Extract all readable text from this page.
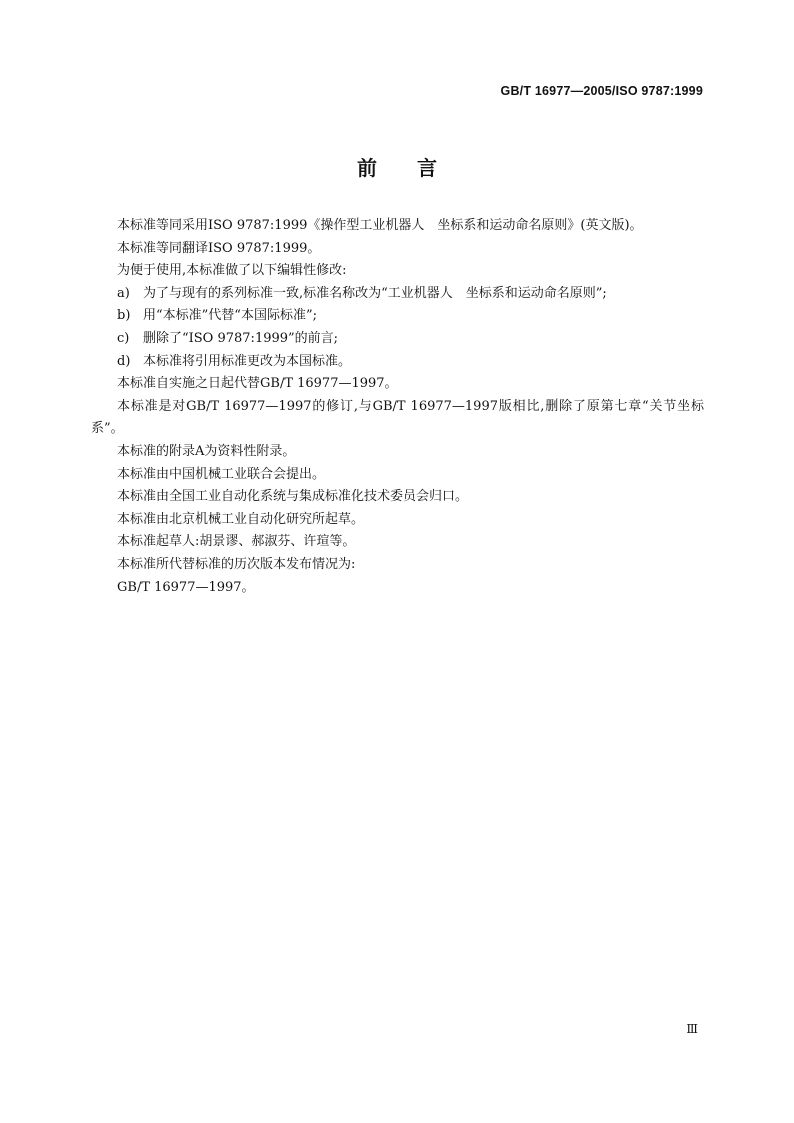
GB/T 16977—2005/ISO 9787:1999
前言

本标准等同采用ISO 9787:1999《操作型工业机器人　坐标系和运动命名原则》(英文版)。

本标准等同翻译ISO 9787:1999。

为便于使用,本标准做了以下编辑性修改:

a) 为了与现有的系列标准一致,标准名称改为“工业机器人　坐标系和运动命名原则”;

b) 用“本标准”代替“本国际标准”;

c) 删除了“ISO 9787:1999”的前言;

d) 本标准将引用标准更改为本国标准。

本标准自实施之日起代替GB/T 16977—1997。

本标准是对GB/T 16977—1997的修订,与GB/T 16977—1997版相比,删除了原第七章“关节坐标系”。

本标准的附录A为资料性附录。

本标准由中国机械工业联合会提出。

本标准由全国工业自动化系统与集成标准化技术委员会归口。

本标准由北京机械工业自动化研究所起草。

本标准起草人:胡景谬、郝淑芬、许瑄等。

本标准所代替标准的历次版本发布情况为:

GB/T 16977—1997。

Ⅲ
